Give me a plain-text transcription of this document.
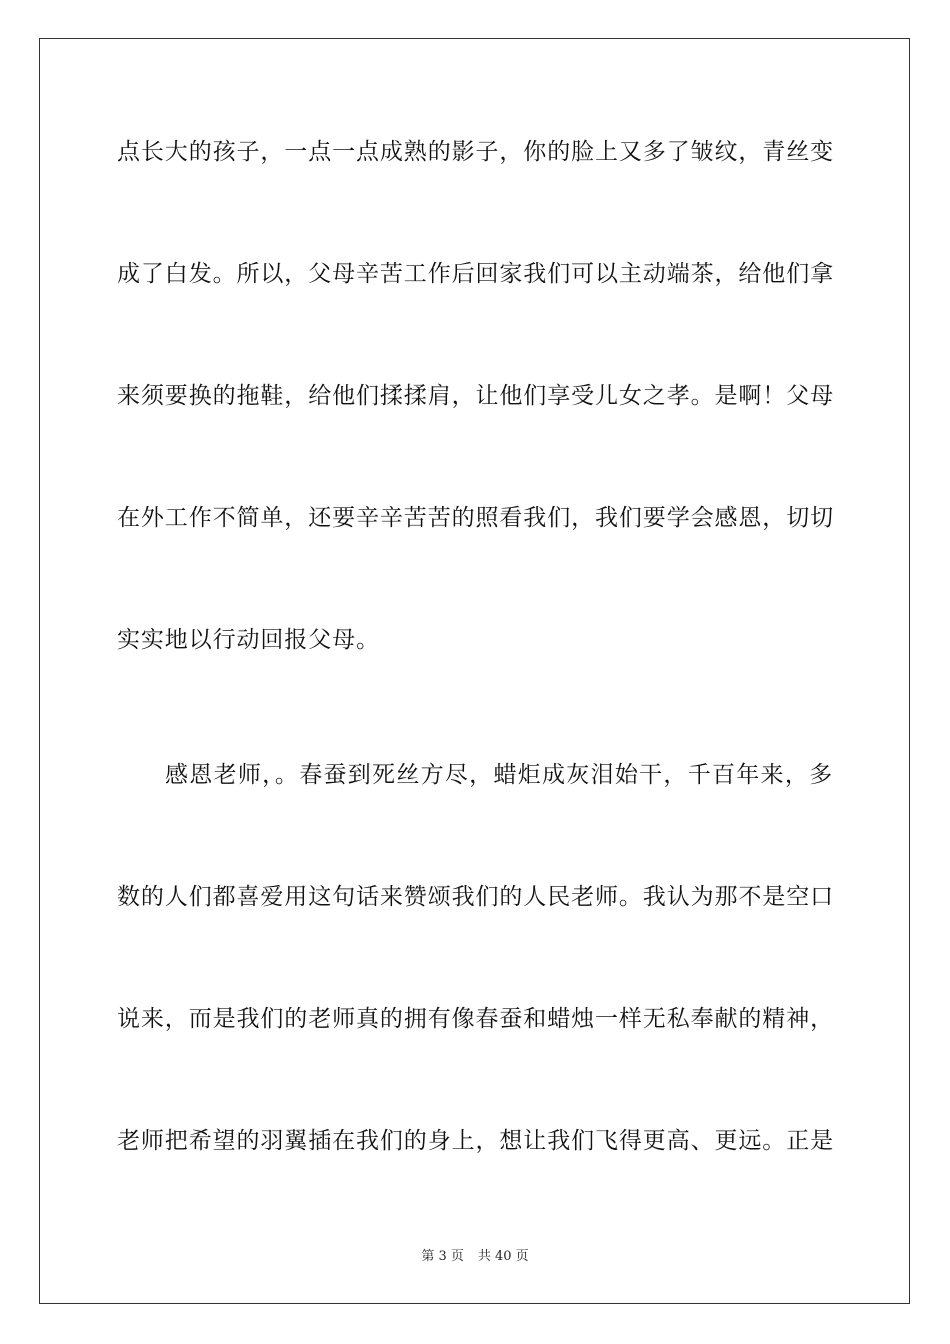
点长大的孩子，一点一点成熟的影子，你的脸上又多了皱纹，青丝变
成了白发。所以，父母辛苦工作后回家我们可以主动端茶，给他们拿
来须要换的拖鞋，给他们揉揉肩，让他们享受儿女之孝。是啊！父母
在外工作不简单，还要辛辛苦苦的照看我们，我们要学会感恩，切切
实实地以行动回报父母。
感恩老师，。春蚕到死丝方尽，蜡炬成灰泪始干，千百年来，多
数的人们都喜爱用这句话来赞颂我们的人民老师。我认为那不是空口
说来，而是我们的老师真的拥有像春蚕和蜡烛一样无私奉献的精神，
老师把希望的羽翼插在我们的身上，想让我们飞得更高、更远。正是
第 3 页 共 40 页
